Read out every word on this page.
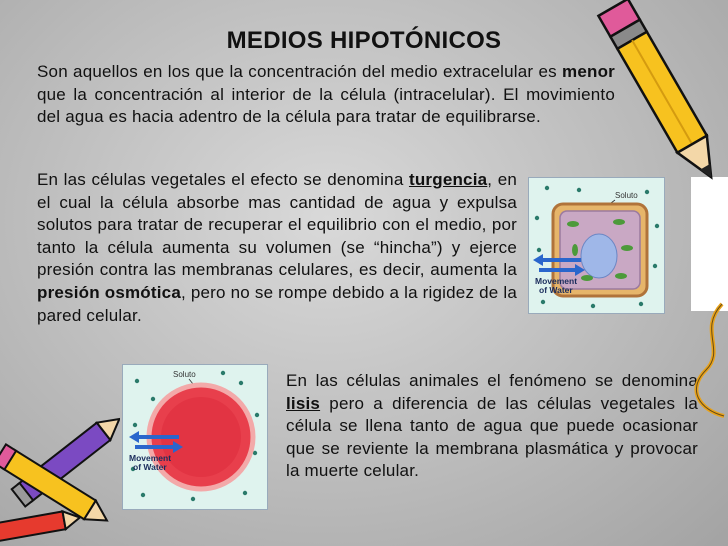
MEDIOS HIPOTÓNICOS
Son aquellos en los que la concentración del medio extracelular es menor que la concentración al interior de la célula (intracelular). El movimiento del agua es hacia adentro de la célula para tratar de equilibrarse.
En las células vegetales el efecto se denomina turgencia, en el cual la célula absorbe mas cantidad de agua y expulsa solutos para tratar de recuperar el equilibrio con el medio, por tanto la célula aumenta su volumen (se “hincha”) y ejerce presión contra las membranas celulares, es decir, aumenta la presión osmótica, pero no se rompe debido a la rigidez de la pared celular.
En las células animales el fenómeno se denomina lisis pero a diferencia de las células vegetales la célula se llena tanto de agua que puede ocasionar que se reviente la membrana plasmática y provocar la muerte celular.
Soluto
Movement
of Water
Soluto
Movement
of Water
